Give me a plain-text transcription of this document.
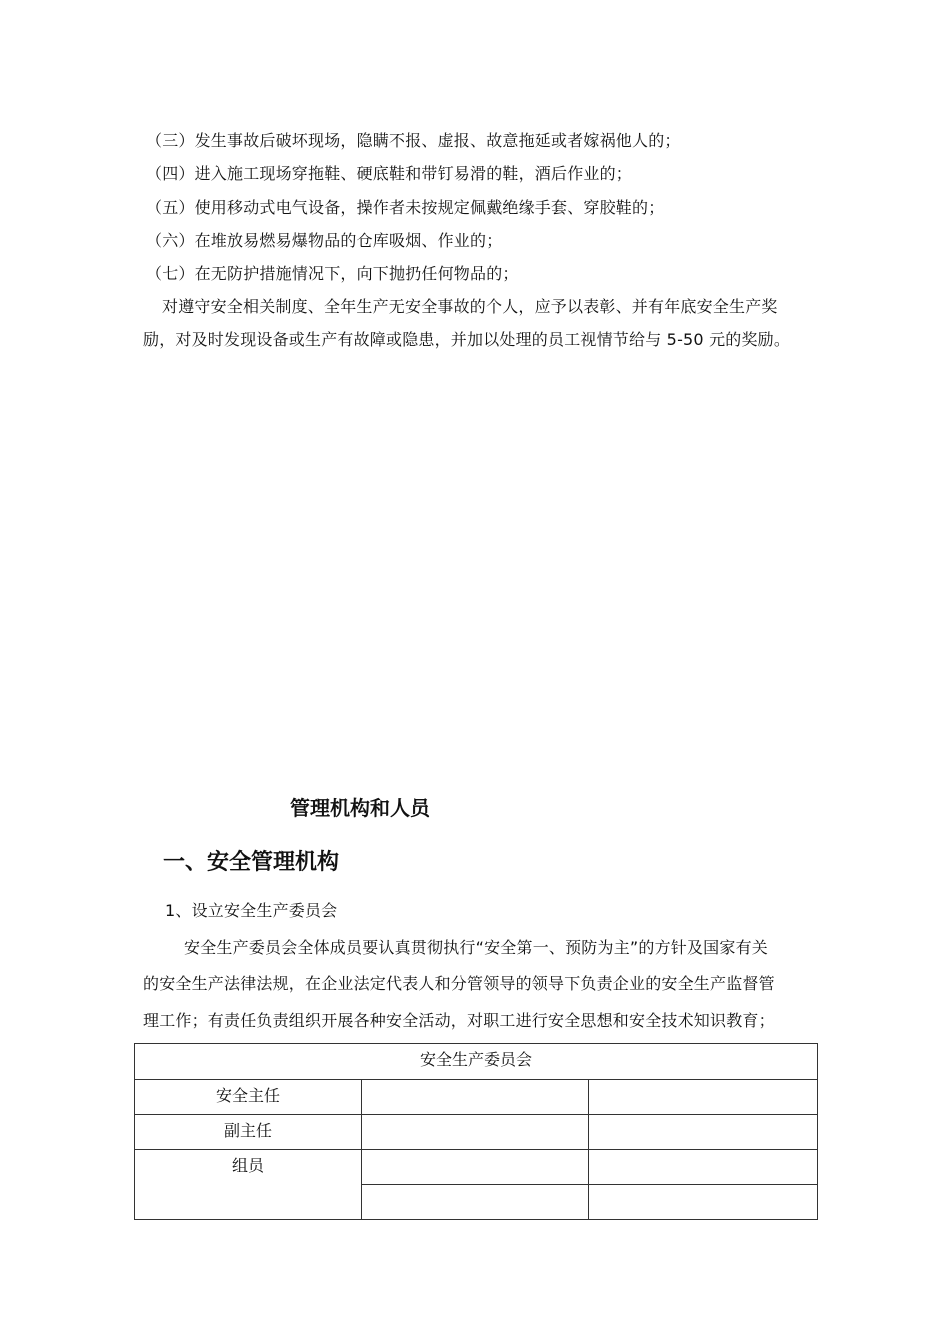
（三）发生事故后破坏现场，隐瞒不报、虚报、故意拖延或者嫁祸他人的；
（四）进入施工现场穿拖鞋、硬底鞋和带钉易滑的鞋，酒后作业的；
（五）使用移动式电气设备，操作者未按规定佩戴绝缘手套、穿胶鞋的；
（六）在堆放易燃易爆物品的仓库吸烟、作业的；
（七）在无防护措施情况下，向下抛扔任何物品的；
对遵守安全相关制度、全年生产无安全事故的个人，应予以表彰、并有年底安全生产奖
励，对及时发现设备或生产有故障或隐患，并加以处理的员工视情节给与 5-50 元的奖励。
管理机构和人员
一、安全管理机构
1、设立安全生产委员会
安全生产委员会全体成员要认真贯彻执行“安全第一、预防为主”的方针及国家有关
的安全生产法律法规，在企业法定代表人和分管领导的领导下负责企业的安全生产监督管
理工作；有责任负责组织开展各种安全活动，对职工进行安全思想和安全技术知识教育；
安全生产委员会		
安全主任		
副主任		
组员		
